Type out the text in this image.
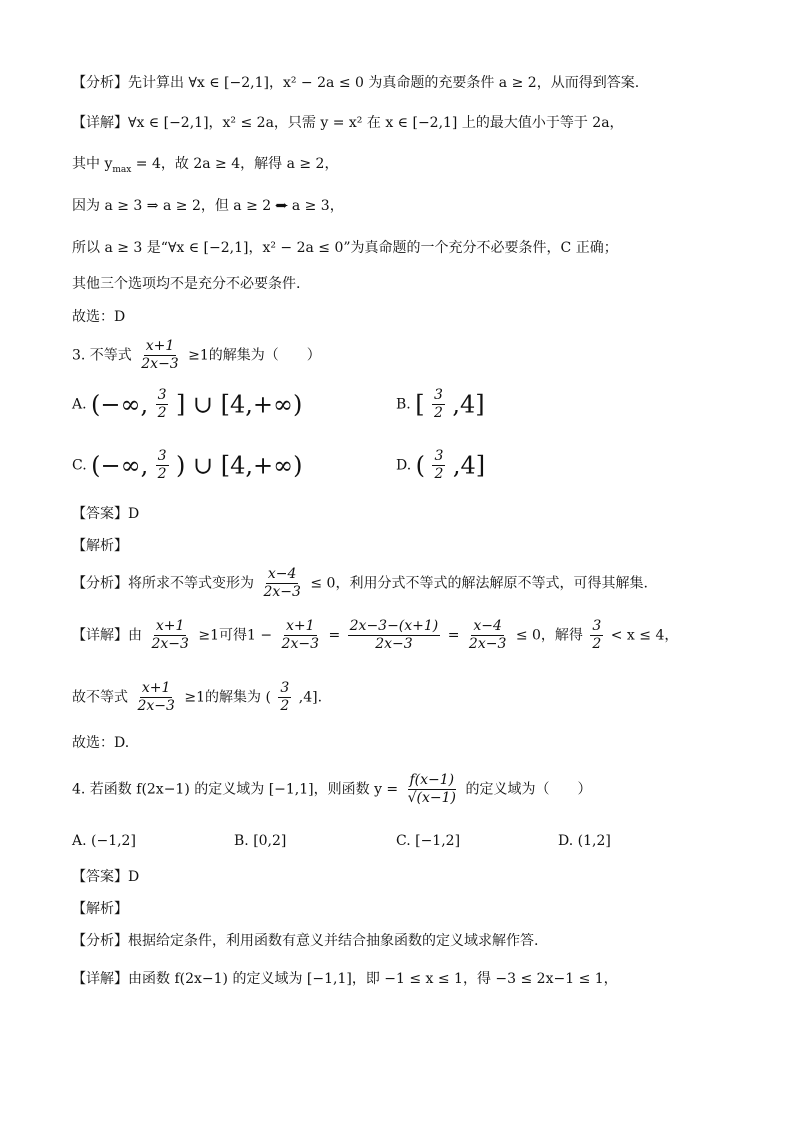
【分析】先计算出 ∀x ∈ [−2,1]，x² − 2a ≤ 0 为真命题的充要条件 a ≥ 2，从而得到答案.
【详解】∀x ∈ [−2,1]，x² ≤ 2a，只需 y = x² 在 x ∈ [−2,1] 上的最大值小于等于 2a，
其中 $y_{max} = 4$，故 2a ≥ 4，解得 a ≥ 2，
因为 a ≥ 3 ⇒ a ≥ 2，但 a ≥ 2 ⇒ a ≥ 3，
所以 a ≥ 3 是“∀x ∈ [−2,1]，x² − 2a ≤ 0”为真命题的一个充分不必要条件，C 正确；
其他三个选项均不是充分不必要条件.
故选：D
3. 不等式 $\frac{x+1}{2x-3} \ge 1$的解集为（　　）
A. (−∞, $\frac{3}{2}$ ] ∪ [4,+∞)	B. [ $\frac{3}{2} ,4$]
C. (−∞, $\frac{3}{2}$ ) ∪ [4,+∞)	D. ( $\frac{3}{2} ,4$]
【答案】D
【解析】
【分析】将所求不等式变形为 $\frac{x-4}{2x-3} \le 0$，利用分式不等式的解法解原不等式，可得其解集.
【详解】由 $\frac{x+1}{2x-3} \ge 1$可得$1 - \frac{x+1}{2x-3} = \frac{2x-3-(x+1)}{2x-3} = \frac{x-4}{2x-3} \le 0$，解得 $\frac{3}{2} < x \le 4$，
故不等式 $\frac{x+1}{2x-3} \ge 1$的解集为 ( $\frac{3}{2} ,4$].
故选：D.
4. 若函数 f(2x−1) 的定义域为 [−1,1]，则函数 $y = \frac{f(x-1)}{√(x-1)}$ 的定义域为（　　）
A. (−1,2]	B. [0,2]	C. [−1,2]	D. (1,2]
【答案】D
【解析】
【分析】根据给定条件，利用函数有意义并结合抽象函数的定义域求解作答.
【详解】由函数 f(2x−1) 的定义域为 [−1,1]，即 −1 ≤ x ≤ 1，得 −3 ≤ 2x−1 ≤ 1，
